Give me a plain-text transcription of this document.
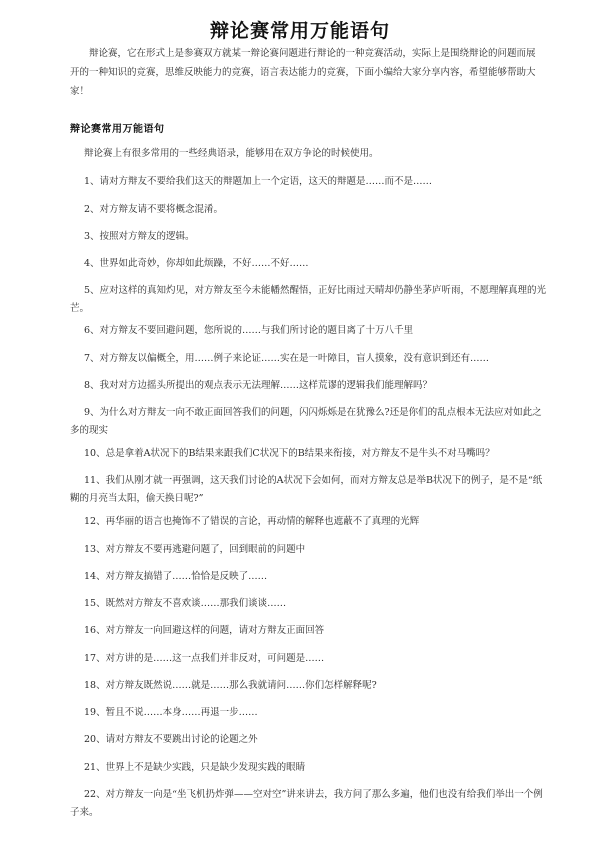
辩论赛常用万能语句
辩论赛，它在形式上是参赛双方就某一辩论赛问题进行辩论的一种竞赛活动，实际上是围绕辩论的问题而展开的一种知识的竞赛，思维反映能力的竞赛，语言表达能力的竞赛，下面小编给大家分享内容，希望能够帮助大家！
辩论赛常用万能语句
辩论赛上有很多常用的一些经典语录，能够用在双方争论的时候使用。
1、请对方辩友不要给我们这天的辩题加上一个定语，这天的辩题是……而不是……
2、对方辩友请不要将概念混淆。
3、按照对方辩友的逻辑。
4、世界如此奇妙，你却如此烦躁，不好……不好……
5、应对这样的真知灼见，对方辩友至今未能幡然醒悟，正好比雨过天晴却仍静坐茅庐听雨，不愿理解真理的光芒。
6、对方辩友不要回避问题，您所说的……与我们所讨论的题目离了十万八千里
7、对方辩友以偏概全，用……例子来论证……实在是一叶障目，盲人摸象，没有意识到还有……
8、我对对方边摇头所提出的观点表示无法理解……这样荒谬的逻辑我们能理解吗？
9、为什么对方辩友一向不敢正面回答我们的问题，闪闪烁烁是在犹豫么?还是你们的乱点根本无法应对如此之多的现实
10、总是拿着A状况下的B结果来跟我们C状况下的B结果来衔接，对方辩友不是牛头不对马嘴吗？
11、我们从刚才就一再强调，这天我们讨论的A状况下会如何，而对方辩友总是举B状况下的例子，是不是“纸糊的月亮当太阳，偷天换日呢?”
12、再华丽的语言也掩饰不了错误的言论，再动情的解释也遮蔽不了真理的光辉
13、对方辩友不要再逃避问题了，回到眼前的问题中
14、对方辩友搞错了……恰恰是反映了……
15、既然对方辩友不喜欢谈……那我们谈谈……
16、对方辩友一向回避这样的问题，请对方辩友正面回答
17、对方讲的是……这一点我们并非反对，可问题是……
18、对方辩友既然说……就是……那么我就请问……你们怎样解释呢?
19、暂且不说……本身……再退一步……
20、请对方辩友不要跳出讨论的论题之外
21、世界上不是缺少实践，只是缺少发现实践的眼睛
22、对方辩友一向是“坐飞机扔炸弹——空对空”讲来讲去，我方问了那么多遍，他们也没有给我们举出一个例子来。
